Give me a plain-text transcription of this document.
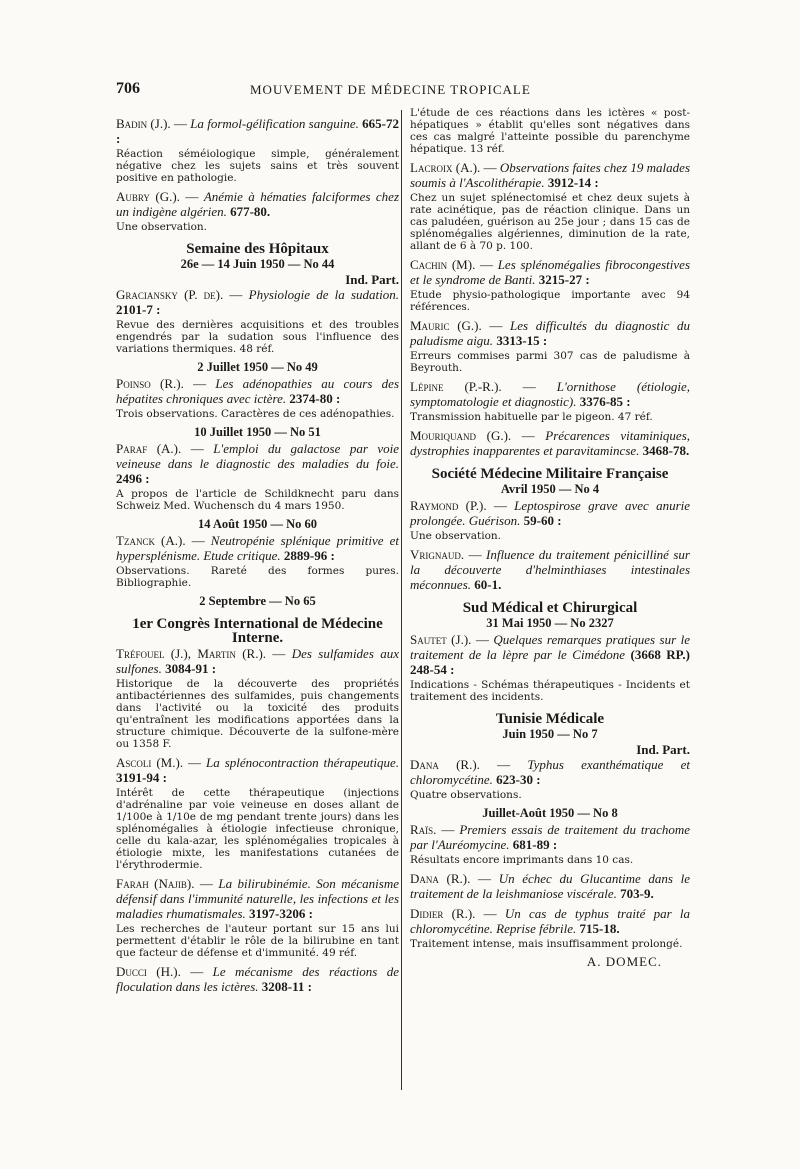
706	MOUVEMENT DE MÉDECINE TROPICALE
Badin (J.). — La formol-gélification sanguine. 665-72 :
Réaction séméiologique simple, généralement négative chez les sujets sains et très souvent positive en pathologie.
Aubry (G.). — Anémie à hématies falciformes chez un indigène algérien. 677-80.
Une observation.
Semaine des Hôpitaux
26e — 14 Juin 1950 — No 44
Ind. Part.
Graciansky (P. de). — Physiologie de la sudation. 2101-7 :
Revue des dernières acquisitions et des troubles engendrés par la sudation sous l'influence des variations thermiques. 48 réf.
2 Juillet 1950 — No 49
Poinso (R.). — Les adénopathies au cours des hépatites chroniques avec ictère. 2374-80 :
Trois observations. Caractères de ces adénopathies.
10 Juillet 1950 — No 51
Paraf (A.). — L'emploi du galactose par voie veineuse dans le diagnostic des maladies du foie. 2496 :
A propos de l'article de Schildknecht paru dans Schweiz Med. Wuchensch du 4 mars 1950.
14 Août 1950 — No 60
Tzanck (A.). — Neutropénie splénique primitive et hypersplénisme. Etude critique. 2889-96 :
Observations. Rareté des formes pures. Bibliographie.
2 Septembre — No 65
1er Congrès International de Médecine Interne.
Tréfouel (J.), Martin (R.). — Des sulfamides aux sulfones. 3084-91 :
Historique de la découverte des propriétés antibactériennes des sulfamides, puis changements dans l'activité ou la toxicité des produits qu'entraînent les modifications apportées dans la structure chimique. Découverte de la sulfone-mère ou 1358 F.
Ascoli (M.). — La splénocontraction thérapeutique. 3191-94 :
Intérêt de cette thérapeutique (injections d'adrénaline par voie veineuse en doses allant de 1/100e à 1/10e de mg pendant trente jours) dans les splénomégalies à étiologie infectieuse chronique, celle du kala-azar, les splénomégalies tropicales à étiologie mixte, les manifestations cutanées de l'érythrodermie.
Farah (Najib). — La bilirubinémie. Son mécanisme défensif dans l'immunité naturelle, les infections et les maladies rhumatismales. 3197-3206 :
Les recherches de l'auteur portant sur 15 ans lui permettent d'établir le rôle de la bilirubine en tant que facteur de défense et d'immunité. 49 réf.
Ducci (H.). — Le mécanisme des réactions de floculation dans les ictères. 3208-11 :
L'étude de ces réactions dans les ictères « post-hépatiques » établit qu'elles sont négatives dans ces cas malgré l'atteinte possible du parenchyme hépatique. 13 réf.
Lacroix (A.). — Observations faites chez 19 malades soumis à l'Ascolithérapie. 3912-14 :
Chez un sujet splénectomisé et chez deux sujets à rate acinétique, pas de réaction clinique. Dans un cas paludéen, guérison au 25e jour ; dans 15 cas de splénomégalies algériennes, diminution de la rate, allant de 6 à 70 p. 100.
Cachin (M). — Les splénomégalies fibrocongestives et le syndrome de Banti. 3215-27 :
Etude physio-pathologique importante avec 94 références.
Mauric (G.). — Les difficultés du diagnostic du paludisme aigu. 3313-15 :
Erreurs commises parmi 307 cas de paludisme à Beyrouth.
Lépine (P.-R.). — L'ornithose (étiologie, symptomatologie et diagnostic). 3376-85 :
Transmission habituelle par le pigeon. 47 réf.
Mouriquand (G.). — Précarences vitaminiques, dystrophies inapparentes et paravitamincse. 3468-78.
Société Médecine Militaire Française
Avril 1950 — No 4
Raymond (P.). — Leptospirose grave avec anurie prolongée. Guérison. 59-60 :
Une observation.
Vrignaud. — Influence du traitement pénicilliné sur la découverte d'helminthiases intestinales méconnues. 60-1.
Sud Médical et Chirurgical
31 Mai 1950 — No 2327
Sautet (J.). — Quelques remarques pratiques sur le traitement de la lèpre par le Cimédone (3668 RP.) 248-54 :
Indications - Schémas thérapeutiques - Incidents et traitement des incidents.
Tunisie Médicale
Juin 1950 — No 7
Ind. Part.
Dana (R.). — Typhus exanthématique et chloromycétine. 623-30 :
Quatre observations.
Juillet-Août 1950 — No 8
Raïs. — Premiers essais de traitement du trachome par l'Auréomycine. 681-89 :
Résultats encore imprimants dans 10 cas.
Dana (R.). — Un échec du Glucantime dans le traitement de la leishmaniose viscérale. 703-9.
Didier (R.). — Un cas de typhus traité par la chloromycétine. Reprise fébrile. 715-18.
Traitement intense, mais insuffisamment prolongé.
A. DOMEC.
